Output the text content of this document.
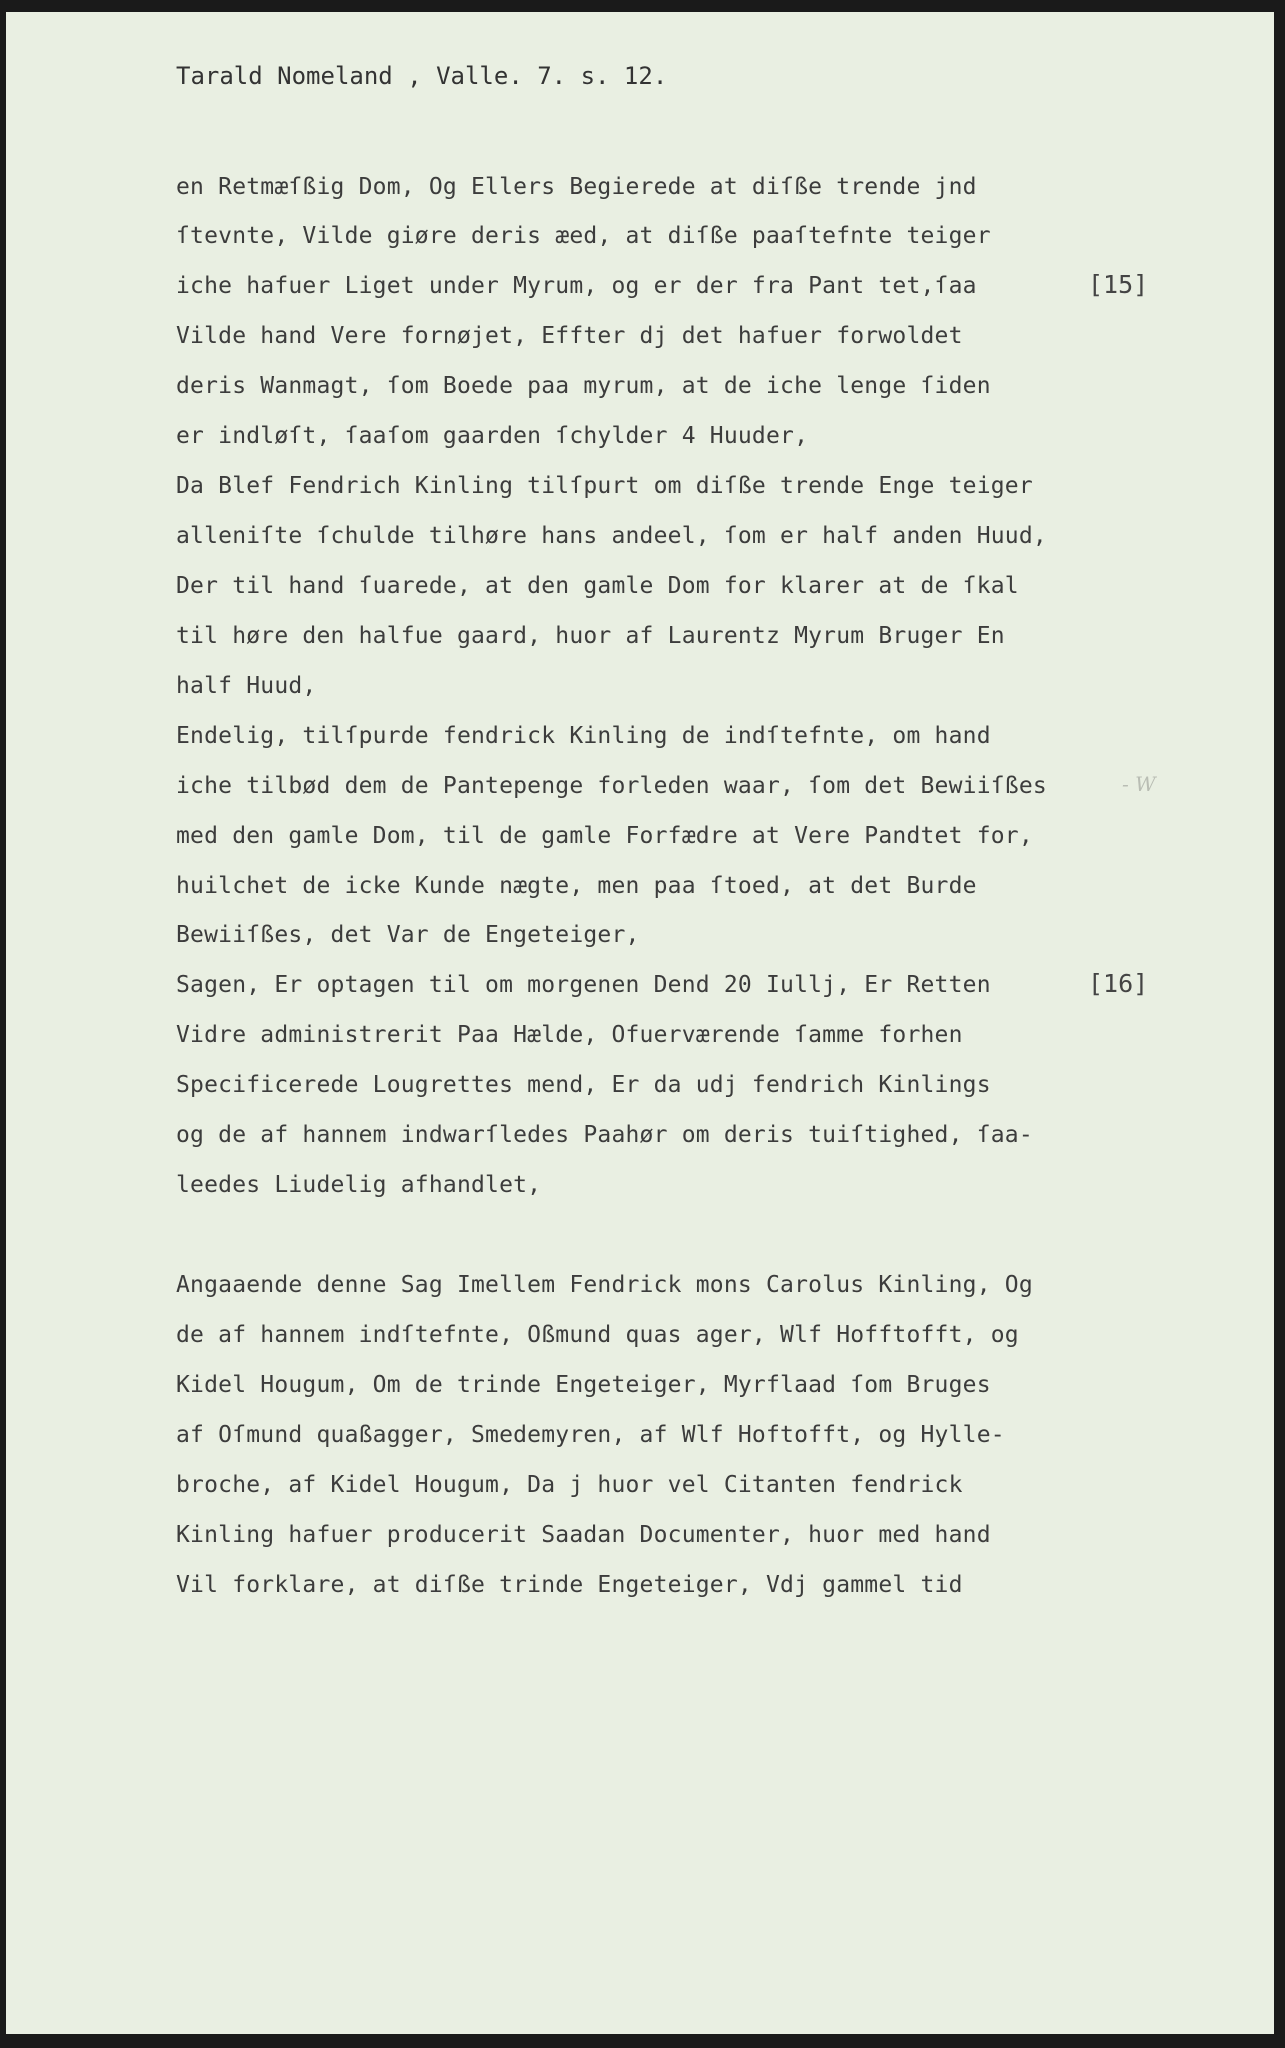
Tarald Nomeland , Valle. 7. s. 12.
en Retmæſßig Dom, Og Ellers Begierede at diſße trende jnd
ſtevnte, Vilde giøre deris æed, at diſße paaſtefnte teiger
iche hafuer Liget under Myrum, og er der fra Pant tet,ſaa
Vilde hand Vere fornøjet, Effter dj det hafuer forwoldet
deris Wanmagt, ſom Boede paa myrum, at de iche lenge ſiden
er indløſt, ſaaſom gaarden ſchylder 4 Huuder,
Da Blef Fendrich Kinling tilſpurt om diſße trende Enge teiger
alleniſte ſchulde tilhøre hans andeel, ſom er half anden Huud,
Der til hand ſuarede, at den gamle Dom for klarer at de ſkal
til høre den halfue gaard, huor af Laurentz Myrum Bruger En
half Huud,
Endelig, tilſpurde fendrick Kinling de indſtefnte, om hand
iche tilbød dem de Pantepenge forleden waar, ſom det Bewiiſßes
med den gamle Dom, til de gamle Forfædre at Vere Pandtet for,
huilchet de icke Kunde nægte, men paa ſtoed, at det Burde
Bewiiſßes, det Var de Engeteiger,
Sagen, Er optagen til om morgenen Dend 20 Iullj, Er Retten
Vidre administrerit Paa Hælde, Ofuerværende ſamme forhen
Specificerede Lougrettes mend, Er da udj fendrich Kinlings
og de af hannem indwarſledes Paahør om deris tuiſtighed, ſaa-
leedes Liudelig afhandlet,
Angaaende denne Sag Imellem Fendrick mons Carolus Kinling, Og
de af hannem indſtefnte, Oßmund quas ager, Wlf Hofftofft, og
Kidel Hougum, Om de trinde Engeteiger, Myrflaad ſom Bruges
af Oſmund quaßagger, Smedemyren, af Wlf Hoftofft, og Hylle-
broche, af Kidel Hougum, Da j huor vel Citanten fendrick
Kinling hafuer producerit Saadan Documenter, huor med hand
Vil forklare, at diſße trinde Engeteiger, Vdj gammel tid
[15]
[16]
- W
